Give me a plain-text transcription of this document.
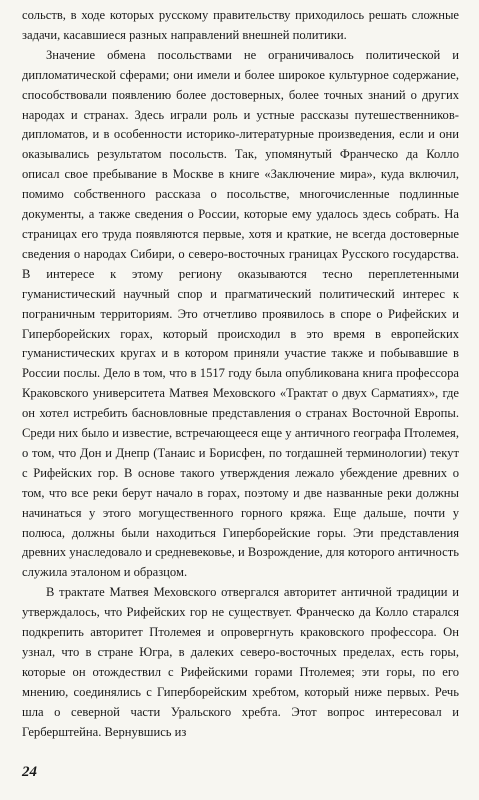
сольств, в ходе которых русскому правительству приходилось решать сложные задачи, касавшиеся разных направлений внешней политики.

Значение обмена посольствами не ограничивалось политической и дипломатической сферами; они имели и более широкое культурное содержание, способствовали появлению более достоверных, более точных знаний о других народах и странах. Здесь играли роль и устные рассказы путешественников-дипломатов, и в особенности историко-литературные произведения, если и они оказывались результатом посольств. Так, упомянутый Франческо да Колло описал свое пребывание в Москве в книге «Заключение мира», куда включил, помимо собственного рассказа о посольстве, многочисленные подлинные документы, а также сведения о России, которые ему удалось здесь собрать. На страницах его труда появляются первые, хотя и краткие, не всегда достоверные сведения о народах Сибири, о северо-восточных границах Русского государства. В интересе к этому региону оказываются тесно переплетенными гуманистический научный спор и прагматический политический интерес к пограничным территориям. Это отчетливо проявилось в споре о Рифейских и Гиперборейских горах, который происходил в это время в европейских гуманистических кругах и в котором приняли участие также и побывавшие в России послы. Дело в том, что в 1517 году была опубликована книга профессора Краковского университета Матвея Меховского «Трактат о двух Сарматиях», где он хотел истребить басновловные представления о странах Восточной Европы. Среди них было и известие, встречающееся еще у античного географа Птолемея, о том, что Дон и Днепр (Танаис и Борисфен, по тогдашней терминологии) текут с Рифейских гор. В основе такого утверждения лежало убеждение древних о том, что все реки берут начало в горах, поэтому и две названные реки должны начинаться у этого могущественного горного кряжа. Еще дальше, почти у полюса, должны были находиться Гиперборейские горы. Эти представления древних унаследовало и средневековье, и Возрождение, для которого античность служила эталоном и образцом.

В трактате Матвея Меховского отвергался авторитет античной традиции и утверждалось, что Рифейских гор не существует. Франческо да Колло старался подкрепить авторитет Птолемея и опровергнуть краковского профессора. Он узнал, что в стране Югра, в далеких северо-восточных пределах, есть горы, которые он отождествил с Рифейскими горами Птолемея; эти горы, по его мнению, соединялись с Гиперборейским хребтом, который ниже первых. Речь шла о северной части Уральского хребта. Этот вопрос интересовал и Герберштейна. Вернувшись из

24
